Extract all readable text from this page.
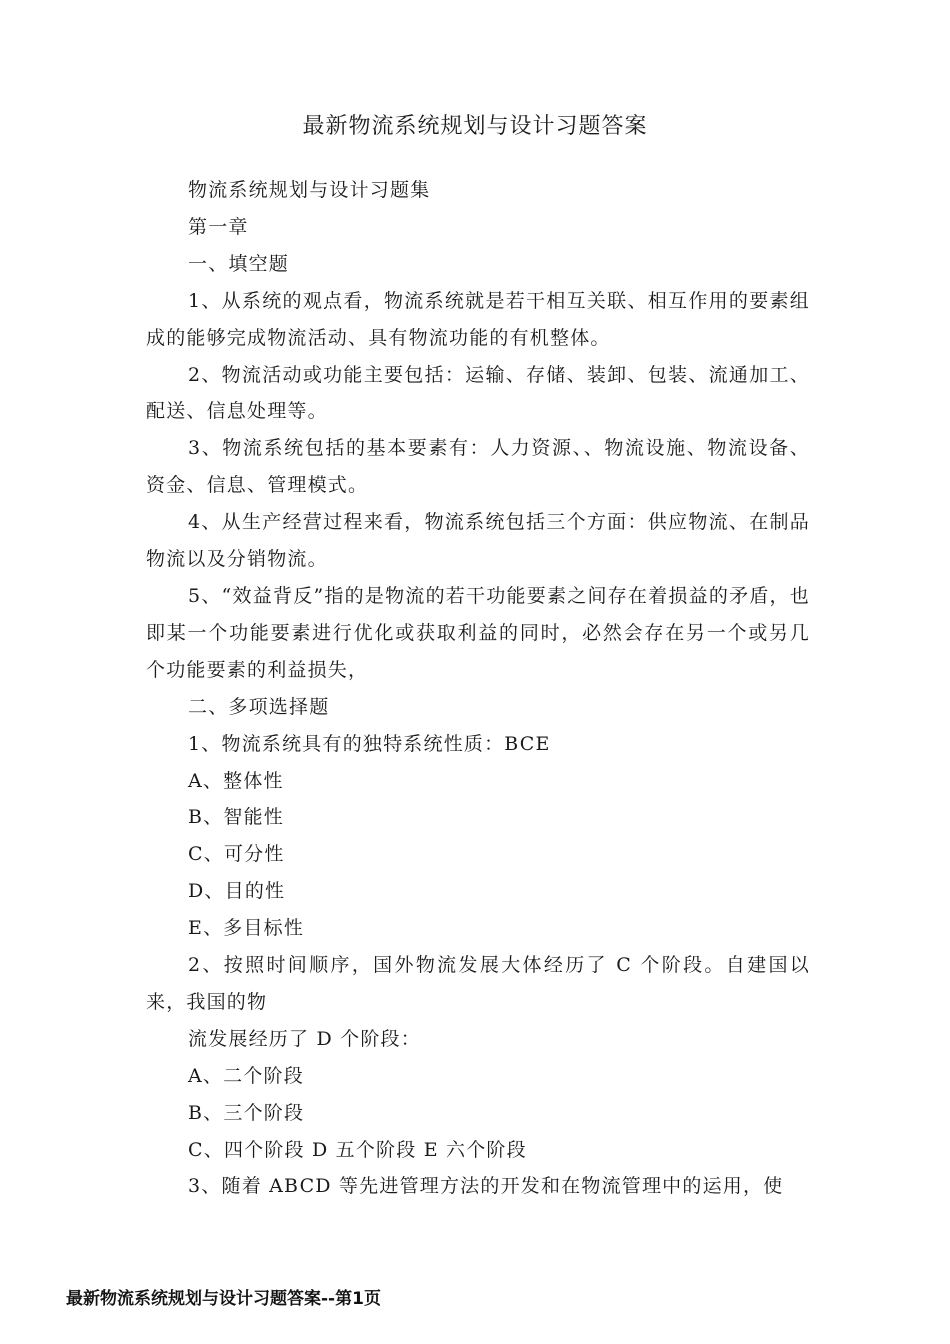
最新物流系统规划与设计习题答案

物流系统规划与设计习题集

第一章

一、填空题

1、从系统的观点看，物流系统就是若干相互关联、相互作用的要素组成的能够完成物流活动、具有物流功能的有机整体。

2、物流活动或功能主要包括：运输、存储、装卸、包装、流通加工、配送、信息处理等。

3、物流系统包括的基本要素有：人力资源、、物流设施、物流设备、资金、信息、管理模式。

4、从生产经营过程来看，物流系统包括三个方面：供应物流、在制品物流以及分销物流。

5、“效益背反”指的是物流的若干功能要素之间存在着损益的矛盾，也即某一个功能要素进行优化或获取利益的同时，必然会存在另一个或另几个功能要素的利益损失，

二、多项选择题

1、物流系统具有的独特系统性质：BCE

A、整体性

B、智能性

C、可分性

D、目的性

E、多目标性

2、按照时间顺序，国外物流发展大体经历了 C 个阶段。自建国以来，我国的物

流发展经历了 D 个阶段：

A、二个阶段

B、三个阶段

C、四个阶段 D 五个阶段 E 六个阶段

3、随着 ABCD 等先进管理方法的开发和在物流管理中的运用，使

最新物流系统规划与设计习题答案--第1页
